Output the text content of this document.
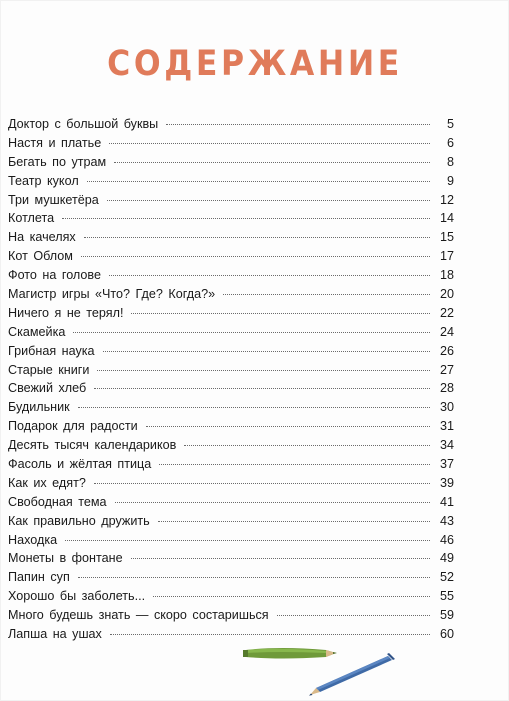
СОДЕРЖАНИЕ
Доктор с большой буквы	5
Настя и платье	6
Бегать по утрам	8
Театр кукол	9
Три мушкетёра	12
Котлета	14
На качелях	15
Кот Облом	17
Фото на голове	18
Магистр игры «Что? Где? Когда?»	20
Ничего я не терял!	22
Скамейка	24
Грибная наука	26
Старые книги	27
Свежий хлеб	28
Будильник	30
Подарок для радости	31
Десять тысяч календариков	34
Фасоль и жёлтая птица	37
Как их едят?	39
Свободная тема	41
Как правильно дружить	43
Находка	46
Монеты в фонтане	49
Папин суп	52
Хорошо бы заболеть...	55
Много будешь знать — скоро состаришься	59
Лапша на ушах	60
